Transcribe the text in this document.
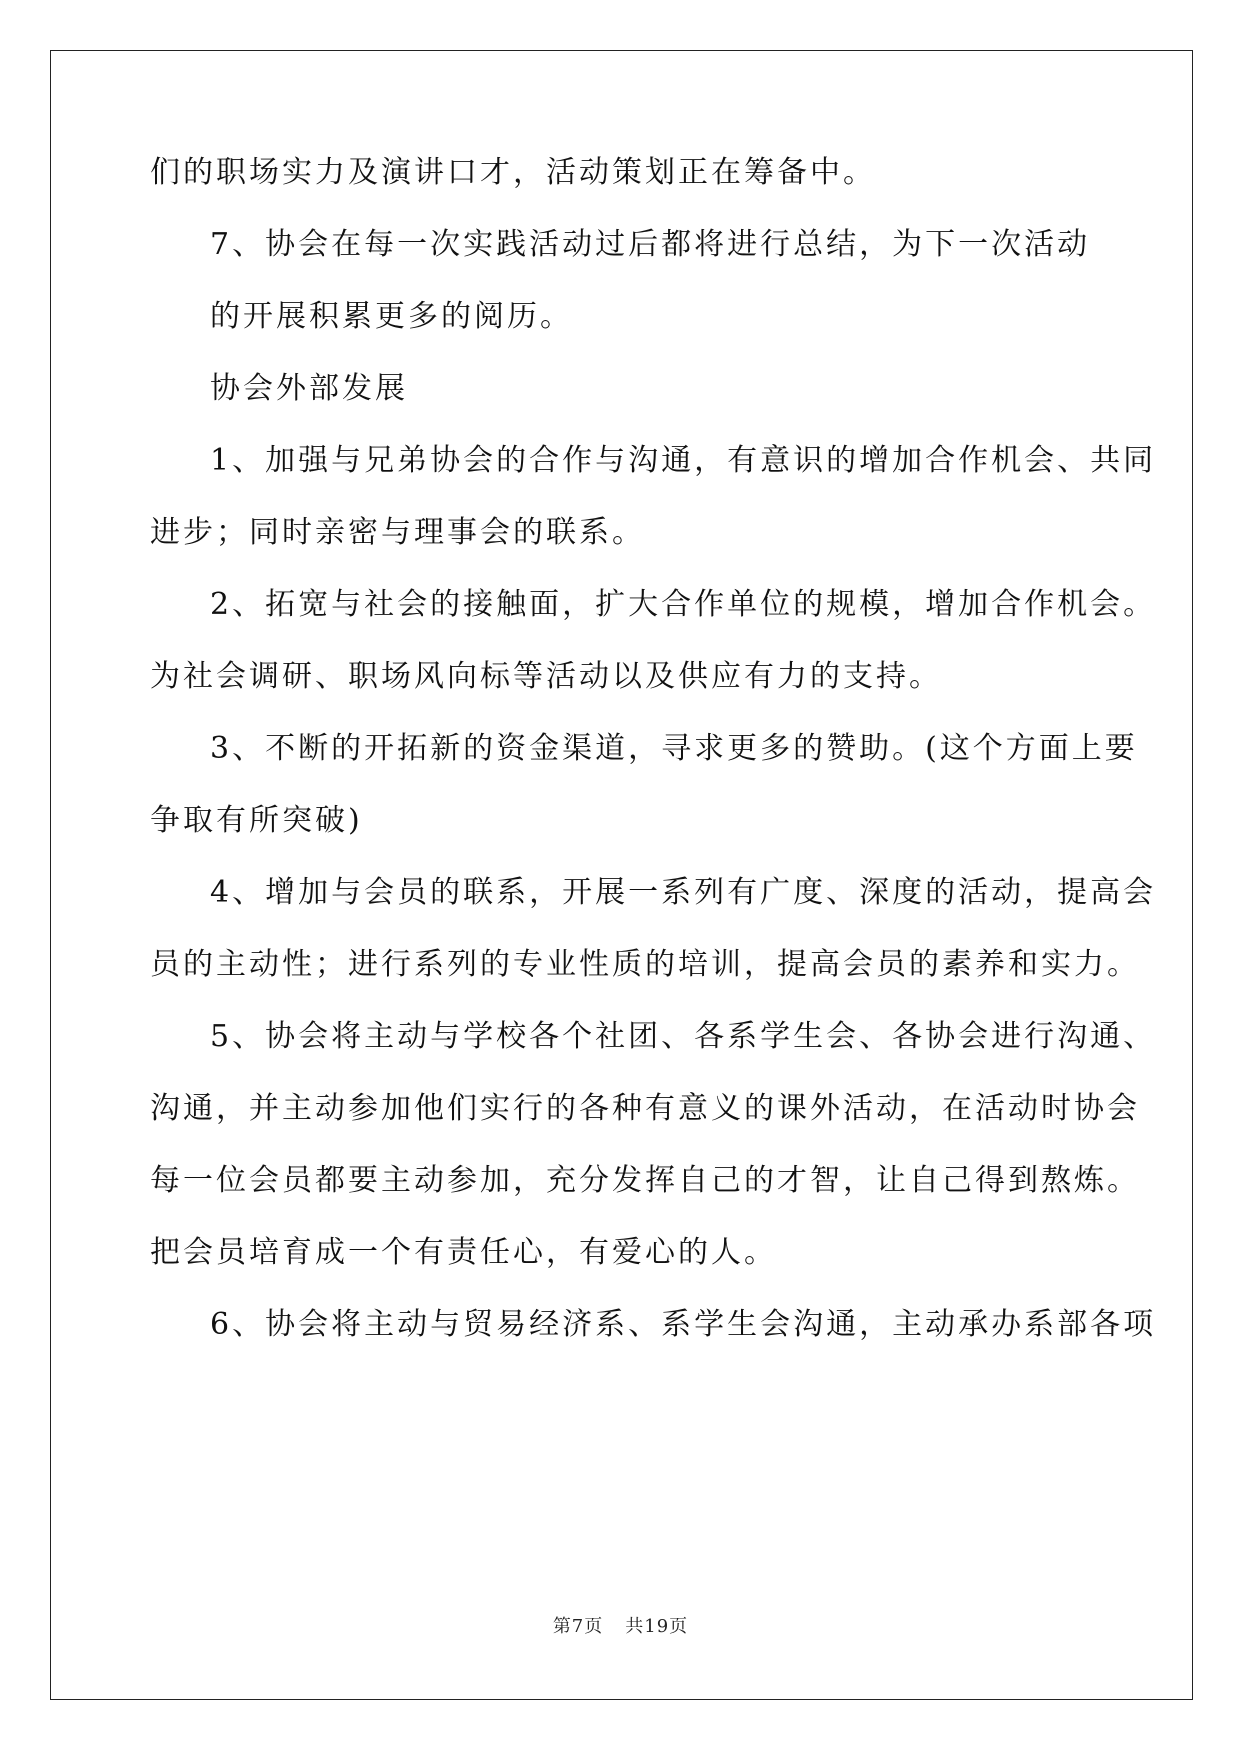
们的职场实力及演讲口才，活动策划正在筹备中。
7、协会在每一次实践活动过后都将进行总结，为下一次活动
的开展积累更多的阅历。
协会外部发展
1、加强与兄弟协会的合作与沟通，有意识的增加合作机会、共同
进步；同时亲密与理事会的联系。
2、拓宽与社会的接触面，扩大合作单位的规模，增加合作机会。
为社会调研、职场风向标等活动以及供应有力的支持。
3、不断的开拓新的资金渠道，寻求更多的赞助。(这个方面上要
争取有所突破)
4、增加与会员的联系，开展一系列有广度、深度的活动，提高会
员的主动性；进行系列的专业性质的培训，提高会员的素养和实力。
5、协会将主动与学校各个社团、各系学生会、各协会进行沟通、
沟通，并主动参加他们实行的各种有意义的课外活动，在活动时协会
每一位会员都要主动参加，充分发挥自己的才智，让自己得到熬炼。
把会员培育成一个有责任心，有爱心的人。
6、协会将主动与贸易经济系、系学生会沟通，主动承办系部各项
第7页 共19页
